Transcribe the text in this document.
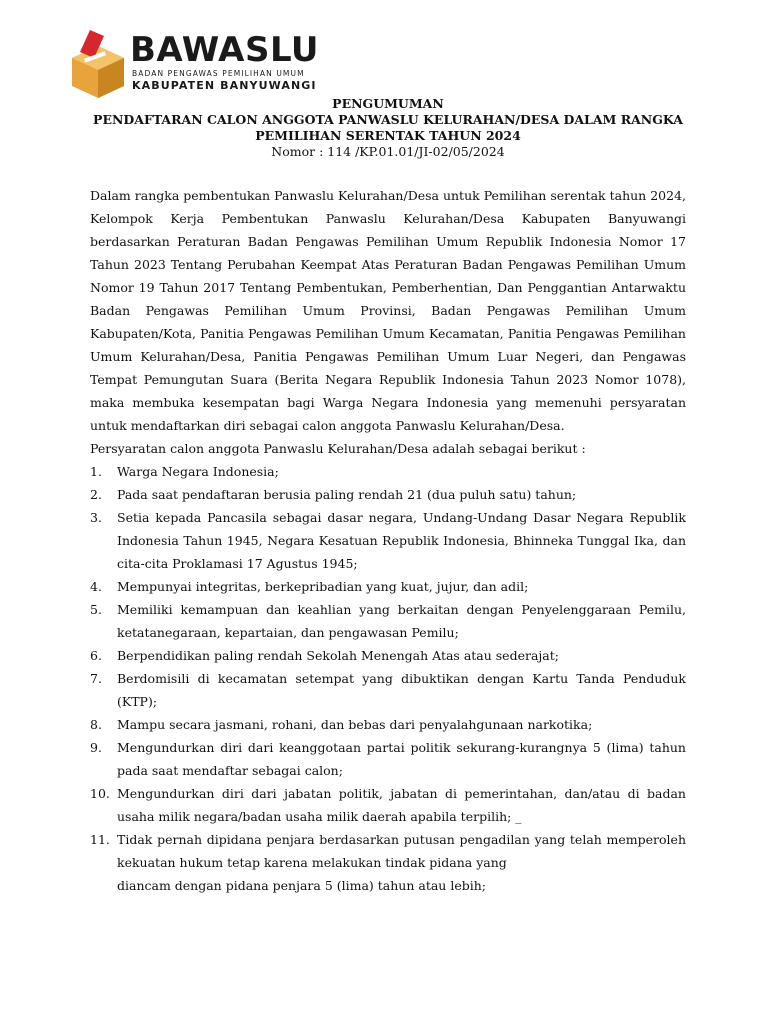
BAWASLU
BADAN PENGAWAS PEMILIHAN UMUM
KABUPATEN BANYUWANGI
PENGUMUMAN
PENDAFTARAN CALON ANGGOTA PANWASLU KELURAHAN/DESA DALAM RANGKA
PEMILIHAN SERENTAK TAHUN 2024
Nomor : 114 /KP.01.01/JI-02/05/2024

Dalam rangka pembentukan Panwaslu Kelurahan/Desa untuk Pemilihan serentak tahun 2024, Kelompok Kerja Pembentukan Panwaslu Kelurahan/Desa Kabupaten Banyuwangi berdasarkan Peraturan Badan Pengawas Pemilihan Umum Republik Indonesia Nomor 17 Tahun 2023 Tentang Perubahan Keempat Atas Peraturan Badan Pengawas Pemilihan Umum Nomor 19 Tahun 2017 Tentang Pembentukan, Pemberhentian, Dan Penggantian Antarwaktu Badan Pengawas Pemilihan Umum Provinsi, Badan Pengawas Pemilihan Umum Kabupaten/Kota, Panitia Pengawas Pemilihan Umum Kecamatan, Panitia Pengawas Pemilihan Umum Kelurahan/Desa, Panitia Pengawas Pemilihan Umum Luar Negeri, dan Pengawas Tempat Pemungutan Suara (Berita Negara Republik Indonesia Tahun 2023 Nomor 1078), maka membuka kesempatan bagi Warga Negara Indonesia yang memenuhi persyaratan untuk mendaftarkan diri sebagai calon anggota Panwaslu Kelurahan/Desa.

Persyaratan calon anggota Panwaslu Kelurahan/Desa adalah sebagai berikut :

1. Warga Negara Indonesia;
2. Pada saat pendaftaran berusia paling rendah 21 (dua puluh satu) tahun;
3. Setia kepada Pancasila sebagai dasar negara, Undang-Undang Dasar Negara Republik Indonesia Tahun 1945, Negara Kesatuan Republik Indonesia, Bhinneka Tunggal Ika, dan cita-cita Proklamasi 17 Agustus 1945;
4. Mempunyai integritas, berkepribadian yang kuat, jujur, dan adil;
5. Memiliki kemampuan dan keahlian yang berkaitan dengan Penyelenggaraan Pemilu, ketatanegaraan, kepartaian, dan pengawasan Pemilu;
6. Berpendidikan paling rendah Sekolah Menengah Atas atau sederajat;
7. Berdomisili di kecamatan setempat yang dibuktikan dengan Kartu Tanda Penduduk (KTP);
8. Mampu secara jasmani, rohani, dan bebas dari penyalahgunaan narkotika;
9. Mengundurkan diri dari keanggotaan partai politik sekurang-kurangnya 5 (lima) tahun pada saat mendaftar sebagai calon;
10. Mengundurkan diri dari jabatan politik, jabatan di pemerintahan, dan/atau di badan usaha milik negara/badan usaha milik daerah apabila terpilih; _
11. Tidak pernah dipidana penjara berdasarkan putusan pengadilan yang telah memperoleh kekuatan hukum tetap karena melakukan tindak pidana yang
diancam dengan pidana penjara 5 (lima) tahun atau lebih;
